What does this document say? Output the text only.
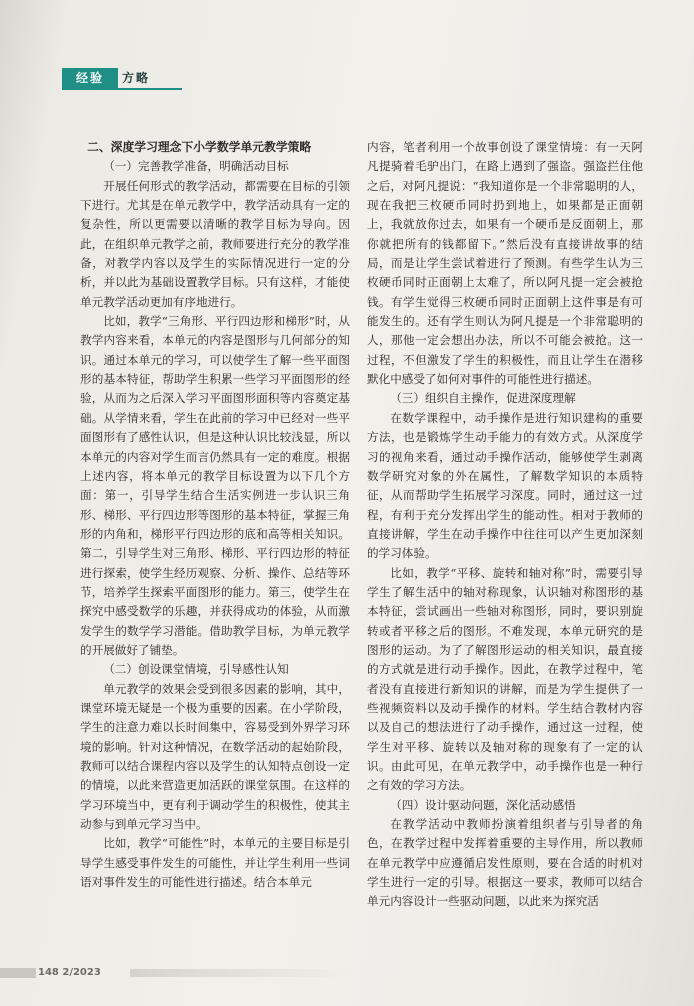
经验	方略
二、深度学习理念下小学数学单元教学策略
（一）完善教学准备，明确活动目标

开展任何形式的教学活动，都需要在目标的引领下进行。尤其是在单元教学中，教学活动具有一定的复杂性，所以更需要以清晰的教学目标为导向。因此，在组织单元教学之前，教师要进行充分的教学准备，对教学内容以及学生的实际情况进行一定的分析，并以此为基础设置教学目标。只有这样，才能使单元教学活动更加有序地进行。

比如，教学“三角形、平行四边形和梯形”时，从教学内容来看，本单元的内容是图形与几何部分的知识。通过本单元的学习，可以使学生了解一些平面图形的基本特征，帮助学生积累一些学习平面图形的经验，从而为之后深入学习平面图形面积等内容奠定基础。从学情来看，学生在此前的学习中已经对一些平面图形有了感性认识，但是这种认识比较浅显，所以本单元的内容对学生而言仍然具有一定的难度。根据上述内容，将本单元的教学目标设置为以下几个方面：第一，引导学生结合生活实例进一步认识三角形、梯形、平行四边形等图形的基本特征，掌握三角形的内角和，梯形平行四边形的底和高等相关知识。第二，引导学生对三角形、梯形、平行四边形的特征进行探索，使学生经历观察、分析、操作、总结等环节，培养学生探索平面图形的能力。第三，使学生在探究中感受数学的乐趣，并获得成功的体验，从而激发学生的数学学习潜能。借助教学目标，为单元教学的开展做好了铺垫。

（二）创设课堂情境，引导感性认知

单元教学的效果会受到很多因素的影响，其中，课堂环境无疑是一个极为重要的因素。在小学阶段，学生的注意力难以长时间集中，容易受到外界学习环境的影响。针对这种情况，在数学活动的起始阶段，教师可以结合课程内容以及学生的认知特点创设一定的情境，以此来营造更加活跃的课堂氛围。在这样的学习环境当中，更有利于调动学生的积极性，使其主动参与到单元学习当中。

比如，教学“可能性”时，本单元的主要目标是引导学生感受事件发生的可能性，并让学生利用一些词语对事件发生的可能性进行描述。结合本单元

内容，笔者利用一个故事创设了课堂情境：有一天阿凡提骑着毛驴出门，在路上遇到了强盗。强盗拦住他之后，对阿凡提说：“我知道你是一个非常聪明的人，现在我把三枚硬币同时扔到地上，如果都是正面朝上，我就放你过去，如果有一个硬币是反面朝上，那你就把所有的钱都留下。”然后没有直接讲故事的结局，而是让学生尝试着进行了预测。有些学生认为三枚硬币同时正面朝上太难了，所以阿凡提一定会被抢钱。有学生觉得三枚硬币同时正面朝上这件事是有可能发生的。还有学生则认为阿凡提是一个非常聪明的人，那他一定会想出办法，所以不可能会被抢。这一过程，不但激发了学生的积极性，而且让学生在潜移默化中感受了如何对事件的可能性进行描述。

（三）组织自主操作，促进深度理解

在数学课程中，动手操作是进行知识建构的重要方法，也是锻炼学生动手能力的有效方式。从深度学习的视角来看，通过动手操作活动，能够使学生剥离数学研究对象的外在属性，了解数学知识的本质特征，从而帮助学生拓展学习深度。同时，通过这一过程，有利于充分发挥出学生的能动性。相对于教师的直接讲解，学生在动手操作中往往可以产生更加深刻的学习体验。

比如，教学“平移、旋转和轴对称”时，需要引导学生了解生活中的轴对称现象，认识轴对称图形的基本特征，尝试画出一些轴对称图形，同时，要识别旋转或者平移之后的图形。不难发现，本单元研究的是图形的运动。为了了解图形运动的相关知识，最直接的方式就是进行动手操作。因此，在教学过程中，笔者没有直接进行新知识的讲解，而是为学生提供了一些视频资料以及动手操作的材料。学生结合教材内容以及自己的想法进行了动手操作，通过这一过程，使学生对平移、旋转以及轴对称的现象有了一定的认识。由此可见，在单元教学中，动手操作也是一种行之有效的学习方法。

（四）设计驱动问题，深化活动感悟

在教学活动中教师扮演着组织者与引导者的角色，在教学过程中发挥着重要的主导作用，所以教师在单元教学中应遵循启发性原则，要在合适的时机对学生进行一定的引导。根据这一要求，教师可以结合单元内容设计一些驱动问题，以此来为探究活

148 2/2023
